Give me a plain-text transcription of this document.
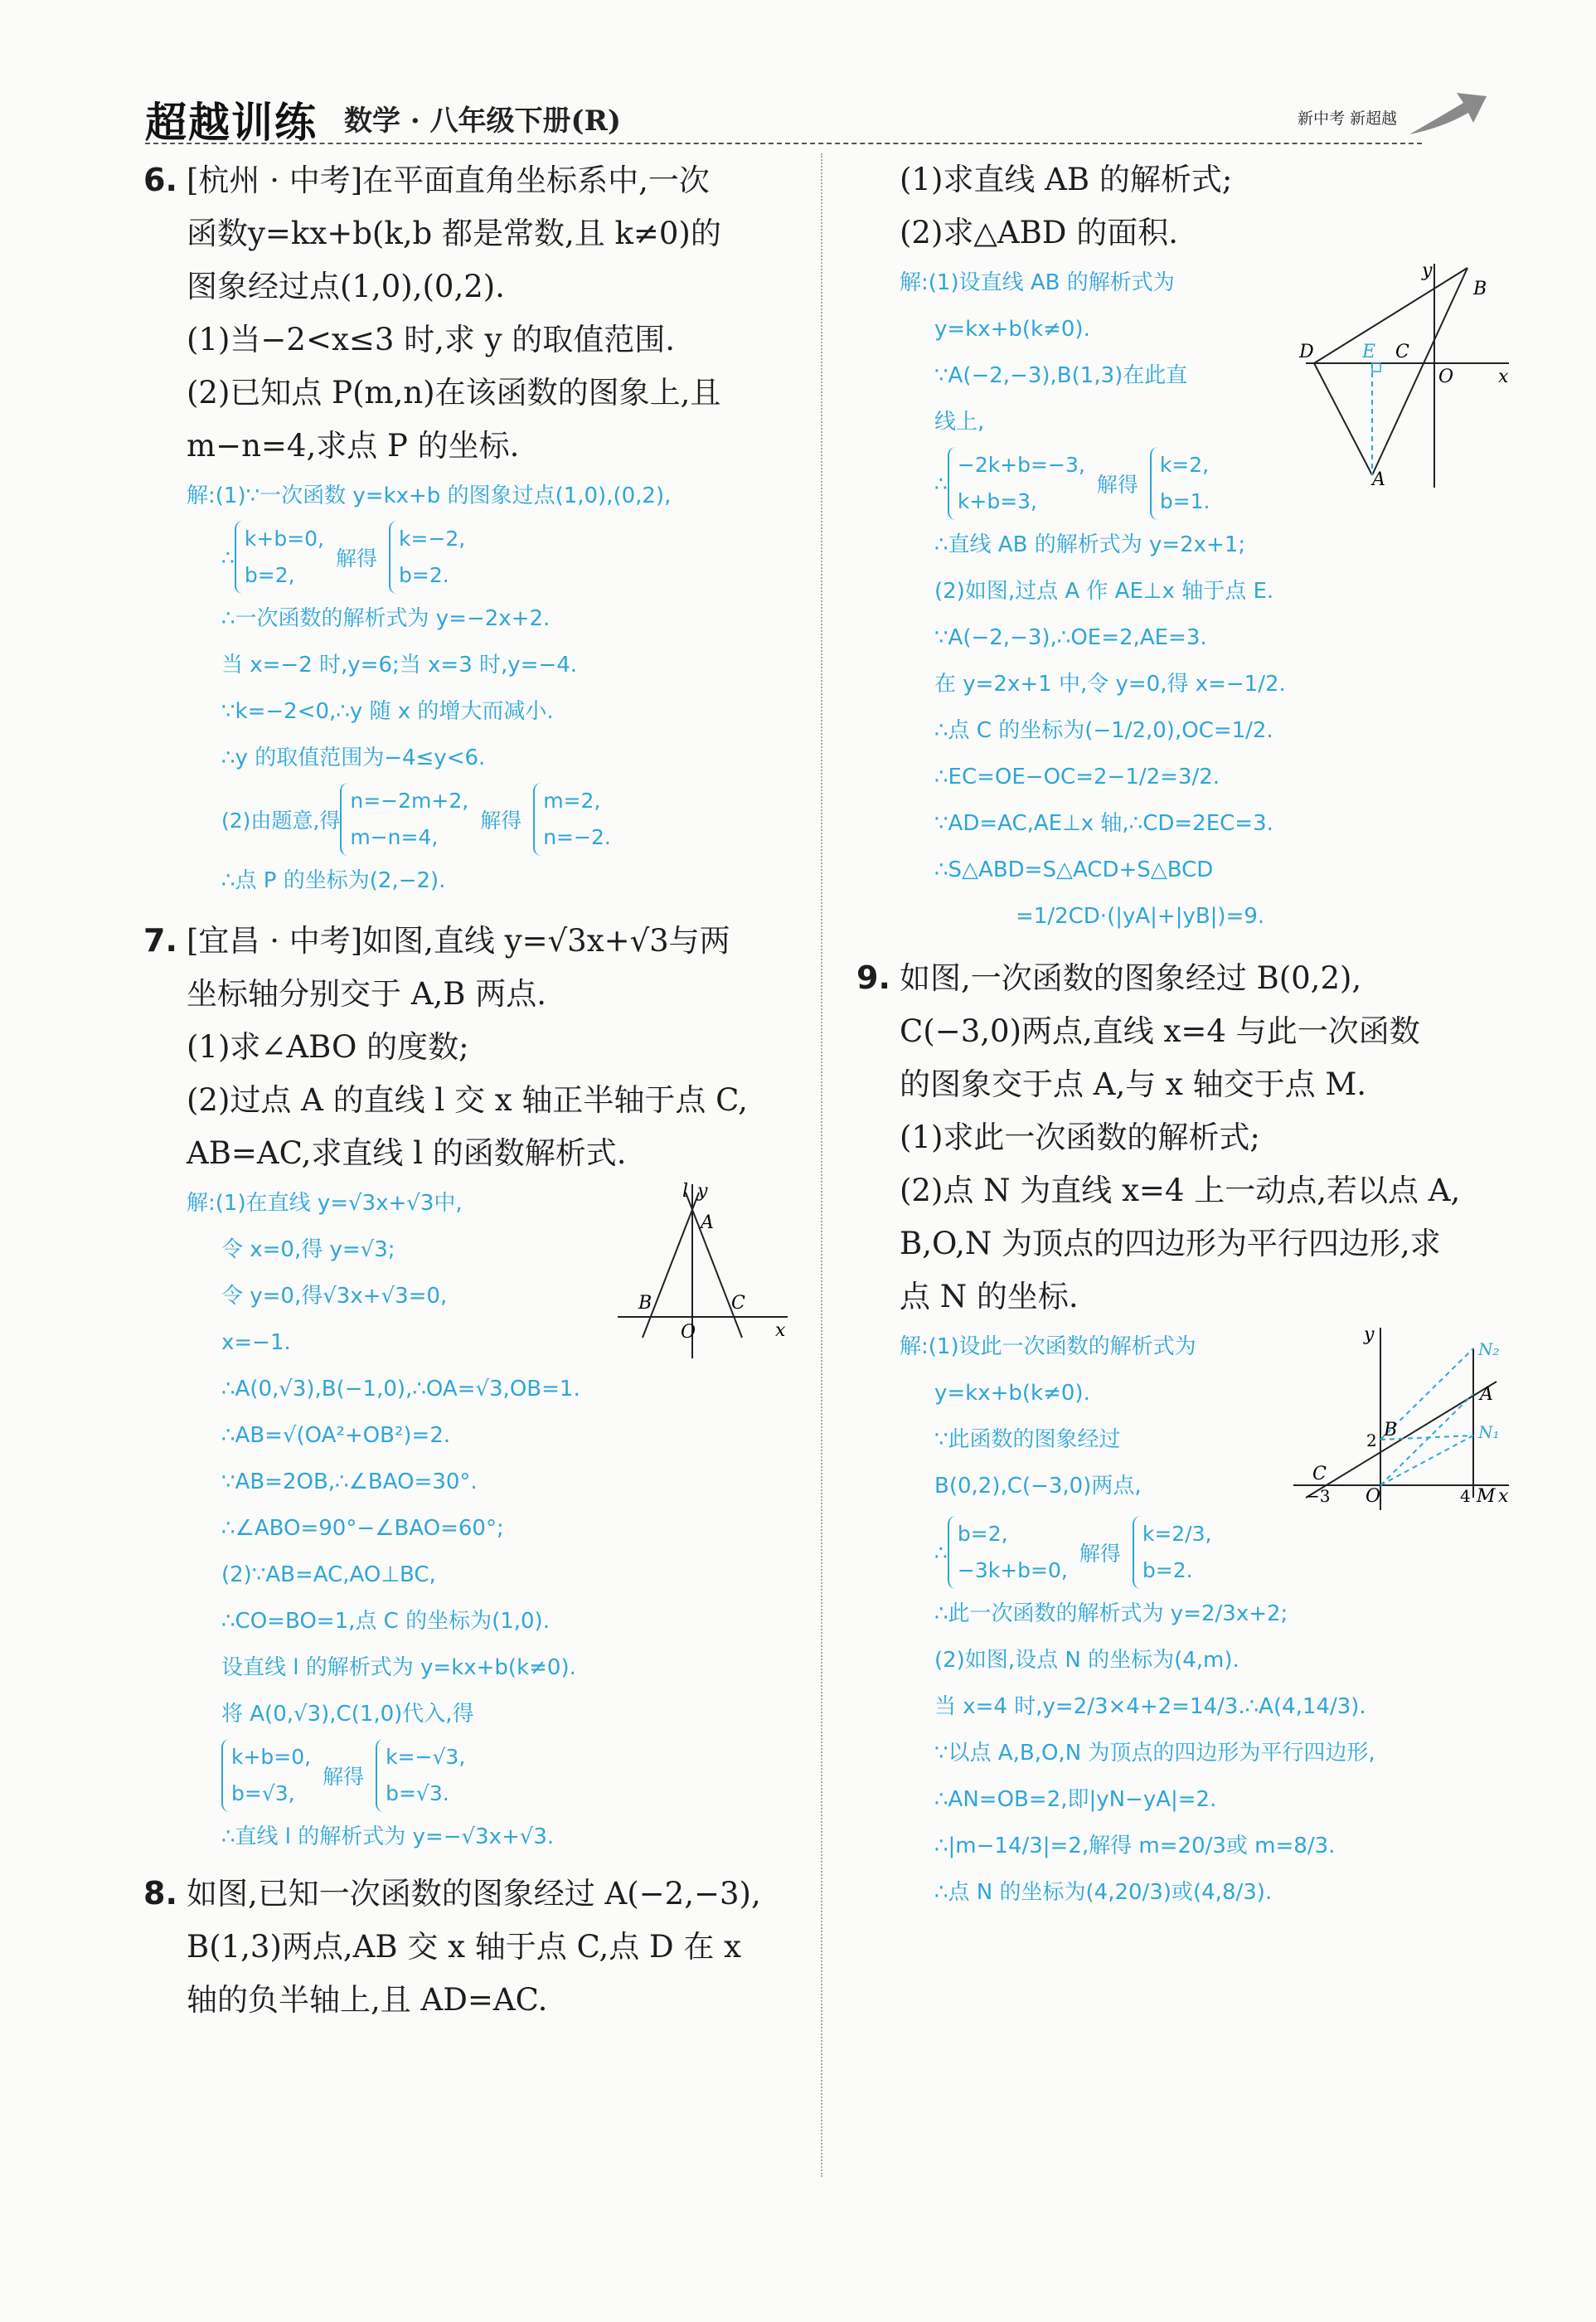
超越训练 数学 · 八年级下册(R)	新中考 新超越

6. [杭州 · 中考]在平面直角坐标系中,一次

函数y=kx+b(k,b 都是常数,且 k≠0)的

图象经过点(1,0),(0,2).

(1)当−2<x≤3 时,求 y 的取值范围.

(2)已知点 P(m,n)在该函数的图象上,且

m−n=4,求点 P 的坐标.

解:(1)∵一次函数 y=kx+b 的图象过点(1,0),(0,2),

∴
k+b=0,
b=2,
解得
k=−2,
b=2.

∴一次函数的解析式为 y=−2x+2.

当 x=−2 时,y=6;当 x=3 时,y=−4.

∵k=−2<0,∴y 随 x 的增大而减小.

∴y 的取值范围为−4≤y<6.

(2)由题意,得
n=−2m+2,
m−n=4,
解得
m=2,
n=−2.

∴点 P 的坐标为(2,−2).

7. [宜昌 · 中考]如图,直线 y=√3x+√3与两

坐标轴分别交于 A,B 两点.

(1)求∠ABO 的度数;

(2)过点 A 的直线 l 交 x 轴正半轴于点 C,

AB=AC,求直线 l 的函数解析式.

解:(1)在直线 y=√3x+√3中,

令 x=0,得 y=√3;

令 y=0,得√3x+√3=0,

x=−1.

l y
A
B
O
C
x

∴A(0,√3),B(−1,0),∴OA=√3,OB=1.

∴AB=√(OA²+OB²)=2.

∵AB=2OB,∴∠BAO=30°.

∴∠ABO=90°−∠BAO=60°;

(2)∵AB=AC,AO⊥BC,

∴CO=BO=1,点 C 的坐标为(1,0).

设直线 l 的解析式为 y=kx+b(k≠0).

将 A(0,√3),C(1,0)代入,得

k+b=0,
b=√3,
解得
k=−√3,
b=√3.

∴直线 l 的解析式为 y=−√3x+√3.

8. 如图,已知一次函数的图象经过 A(−2,−3),

B(1,3)两点,AB 交 x 轴于点 C,点 D 在 x

轴的负半轴上,且 AD=AC.

(1)求直线 AB 的解析式;

(2)求△ABD 的面积.

解:(1)设直线 AB 的解析式为

y=kx+b(k≠0).

∵A(−2,−3),B(1,3)在此直

线上,

∴
−2k+b=−3,
k+b=3,
解得
k=2,
b=1.
y
B
D	E C
O x
A

∴直线 AB 的解析式为 y=2x+1;

(2)如图,过点 A 作 AE⊥x 轴于点 E.

∵A(−2,−3),∴OE=2,AE=3.

在 y=2x+1 中,令 y=0,得 x=−1/2.

∴点 C 的坐标为(−1/2,0),OC=1/2.

∴EC=OE−OC=2−1/2=3/2.

∵AD=AC,AE⊥x 轴,∴CD=2EC=3.

∴S△ABD=S△ACD+S△BCD

=1/2CD·(|yA|+|yB|)=9.

9. 如图,一次函数的图象经过 B(0,2),

C(−3,0)两点,直线 x=4 与此一次函数

的图象交于点 A,与 x 轴交于点 M.

(1)求此一次函数的解析式;

(2)点 N 为直线 x=4 上一动点,若以点 A,

B,O,N 为顶点的四边形为平行四边形,求

点 N 的坐标.

解:(1)设此一次函数的解析式为

y=kx+b(k≠0).

∵此函数的图象经过

B(0,2),C(−3,0)两点,

y
N₂
A
N₁
B
2
C
O
−3	4 M x
∴
b=2,
−3k+b=0,
解得
k=2/3,
b=2.

∴此一次函数的解析式为 y=2/3x+2;

(2)如图,设点 N 的坐标为(4,m).

当 x=4 时,y=2/3×4+2=14/3.∴A(4,14/3).

∵以点 A,B,O,N 为顶点的四边形为平行四边形,

∴AN=OB=2,即|yN−yA|=2.

∴|m−14/3|=2,解得 m=20/3或 m=8/3.

∴点 N 的坐标为(4,20/3)或(4,8/3).
